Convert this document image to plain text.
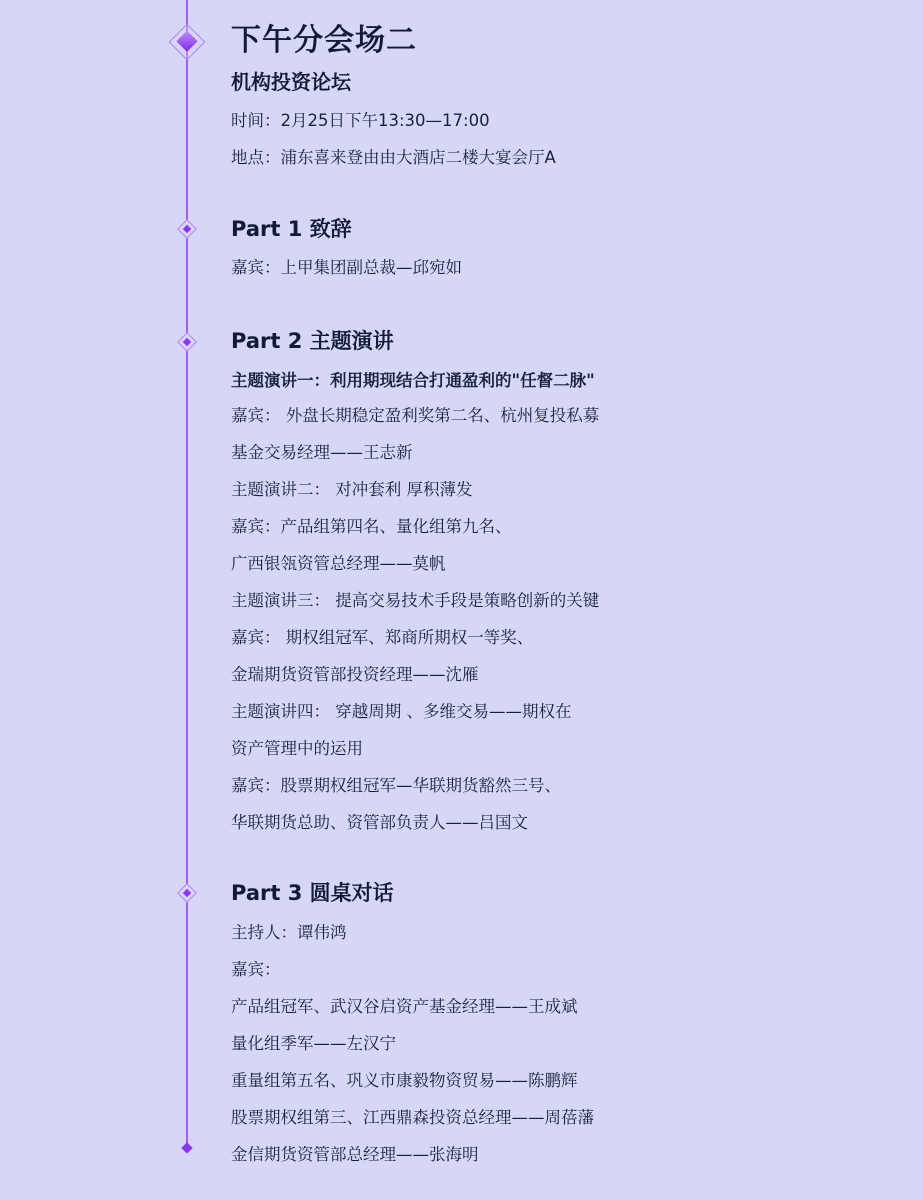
下午分会场二
机构投资论坛
时间：2月25日下午13:30—17:00
地点：浦东喜来登由由大酒店二楼大宴会厅A
Part 1 致辞
嘉宾：上甲集团副总裁—邱宛如
Part 2 主题演讲
主题演讲一：利用期现结合打通盈利的"任督二脉"
嘉宾： 外盘长期稳定盈利奖第二名、杭州复投私募
基金交易经理——王志新
主题演讲二： 对冲套利 厚积薄发
嘉宾：产品组第四名、量化组第九名、
广西银瓴资管总经理——莫帆
主题演讲三： 提高交易技术手段是策略创新的关键
嘉宾： 期权组冠军、郑商所期权一等奖、
金瑞期货资管部投资经理——沈雁
主题演讲四： 穿越周期 、多维交易——期权在
资产管理中的运用
嘉宾：股票期权组冠军—华联期货豁然三号、
华联期货总助、资管部负责人——吕国文
Part 3 圆桌对话
主持人：谭伟鸿
嘉宾：
产品组冠军、武汉谷启资产基金经理——王成斌
量化组季军——左汉宁
重量组第五名、巩义市康毅物资贸易——陈鹏辉
股票期权组第三、江西鼎森投资总经理——周蓓藩
金信期货资管部总经理——张海明
